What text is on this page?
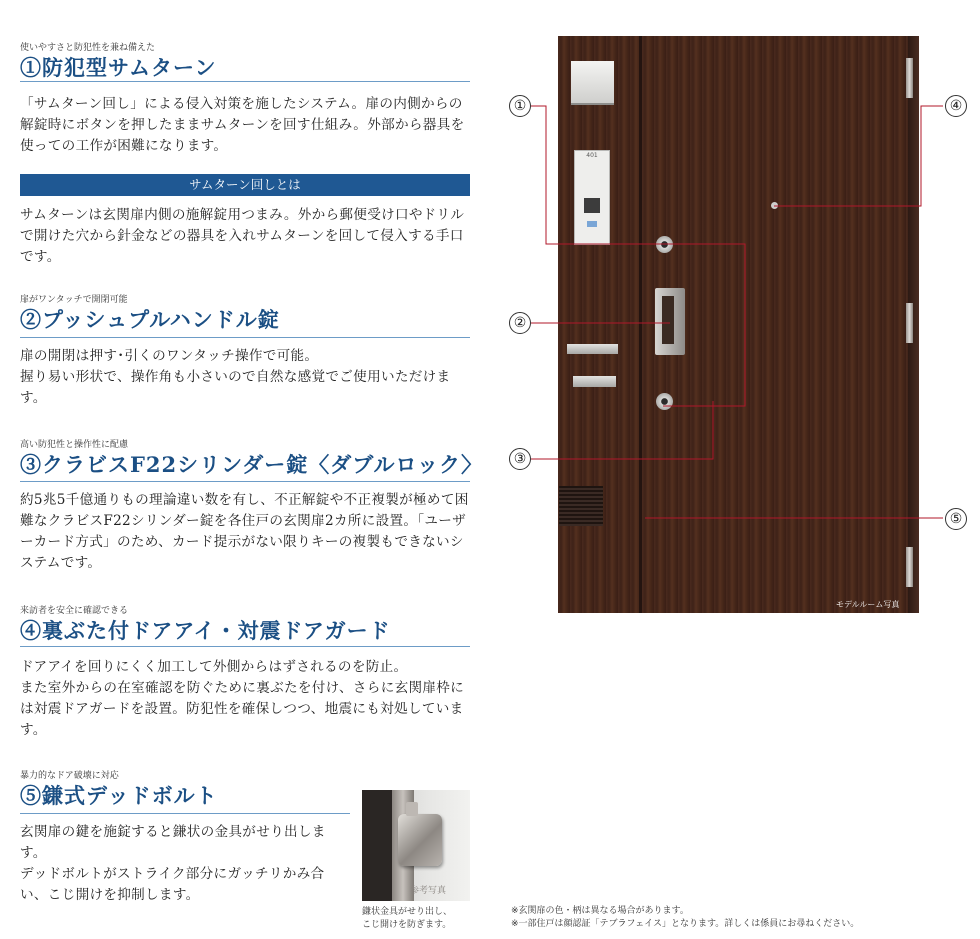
使いやすさと防犯性を兼ね備えた
①防犯型サムターン
「サムターン回し」による侵入対策を施したシステム。扉の内側からの解錠時にボタンを押したままサムターンを回す仕組み。外部から器具を使っての工作が困難になります。
サムターン回しとは
サムターンは玄関扉内側の施解錠用つまみ。外から郵便受け口やドリルで開けた穴から針金などの器具を入れサムターンを回して侵入する手口です。
扉がワンタッチで開閉可能
②プッシュプルハンドル錠
扉の開閉は押す･引くのワンタッチ操作で可能。
握り易い形状で、操作角も小さいので自然な感覚でご使用いただけます。
高い防犯性と操作性に配慮
③クラビスF22シリンダー錠〈ダブルロック〉
約5兆5千億通りもの理論違い数を有し、不正解錠や不正複製が極めて困難なクラビスF22シリンダー錠を各住戸の玄関扉2カ所に設置。「ユーザーカード方式」のため、カード提示がない限りキーの複製もできないシステムです。
来訪者を安全に確認できる
④裏ぶた付ドアアイ・対震ドアガード
ドアアイを回りにくく加工して外側からはずされるのを防止。
また室外からの在室確認を防ぐために裏ぶたを付け、さらに玄関扉枠には対震ドアガードを設置。防犯性を確保しつつ、地震にも対処しています。
暴力的なドア破壊に対応
⑤鎌式デッドボルト
玄関扉の鍵を施錠すると鎌状の金具がせり出します。
デッドボルトがストライク部分にガッチリかみ合い、こじ開けを抑制します。	参考写真
鎌状金具がせり出し、
こじ開けを防ぎます。
401
モデルルーム写真
①
②
③
④
⑤
※玄関扉の色・柄は異なる場合があります。
※一部住戸は顔認証「テブラフェイス」となります。詳しくは係員にお尋ねください。
